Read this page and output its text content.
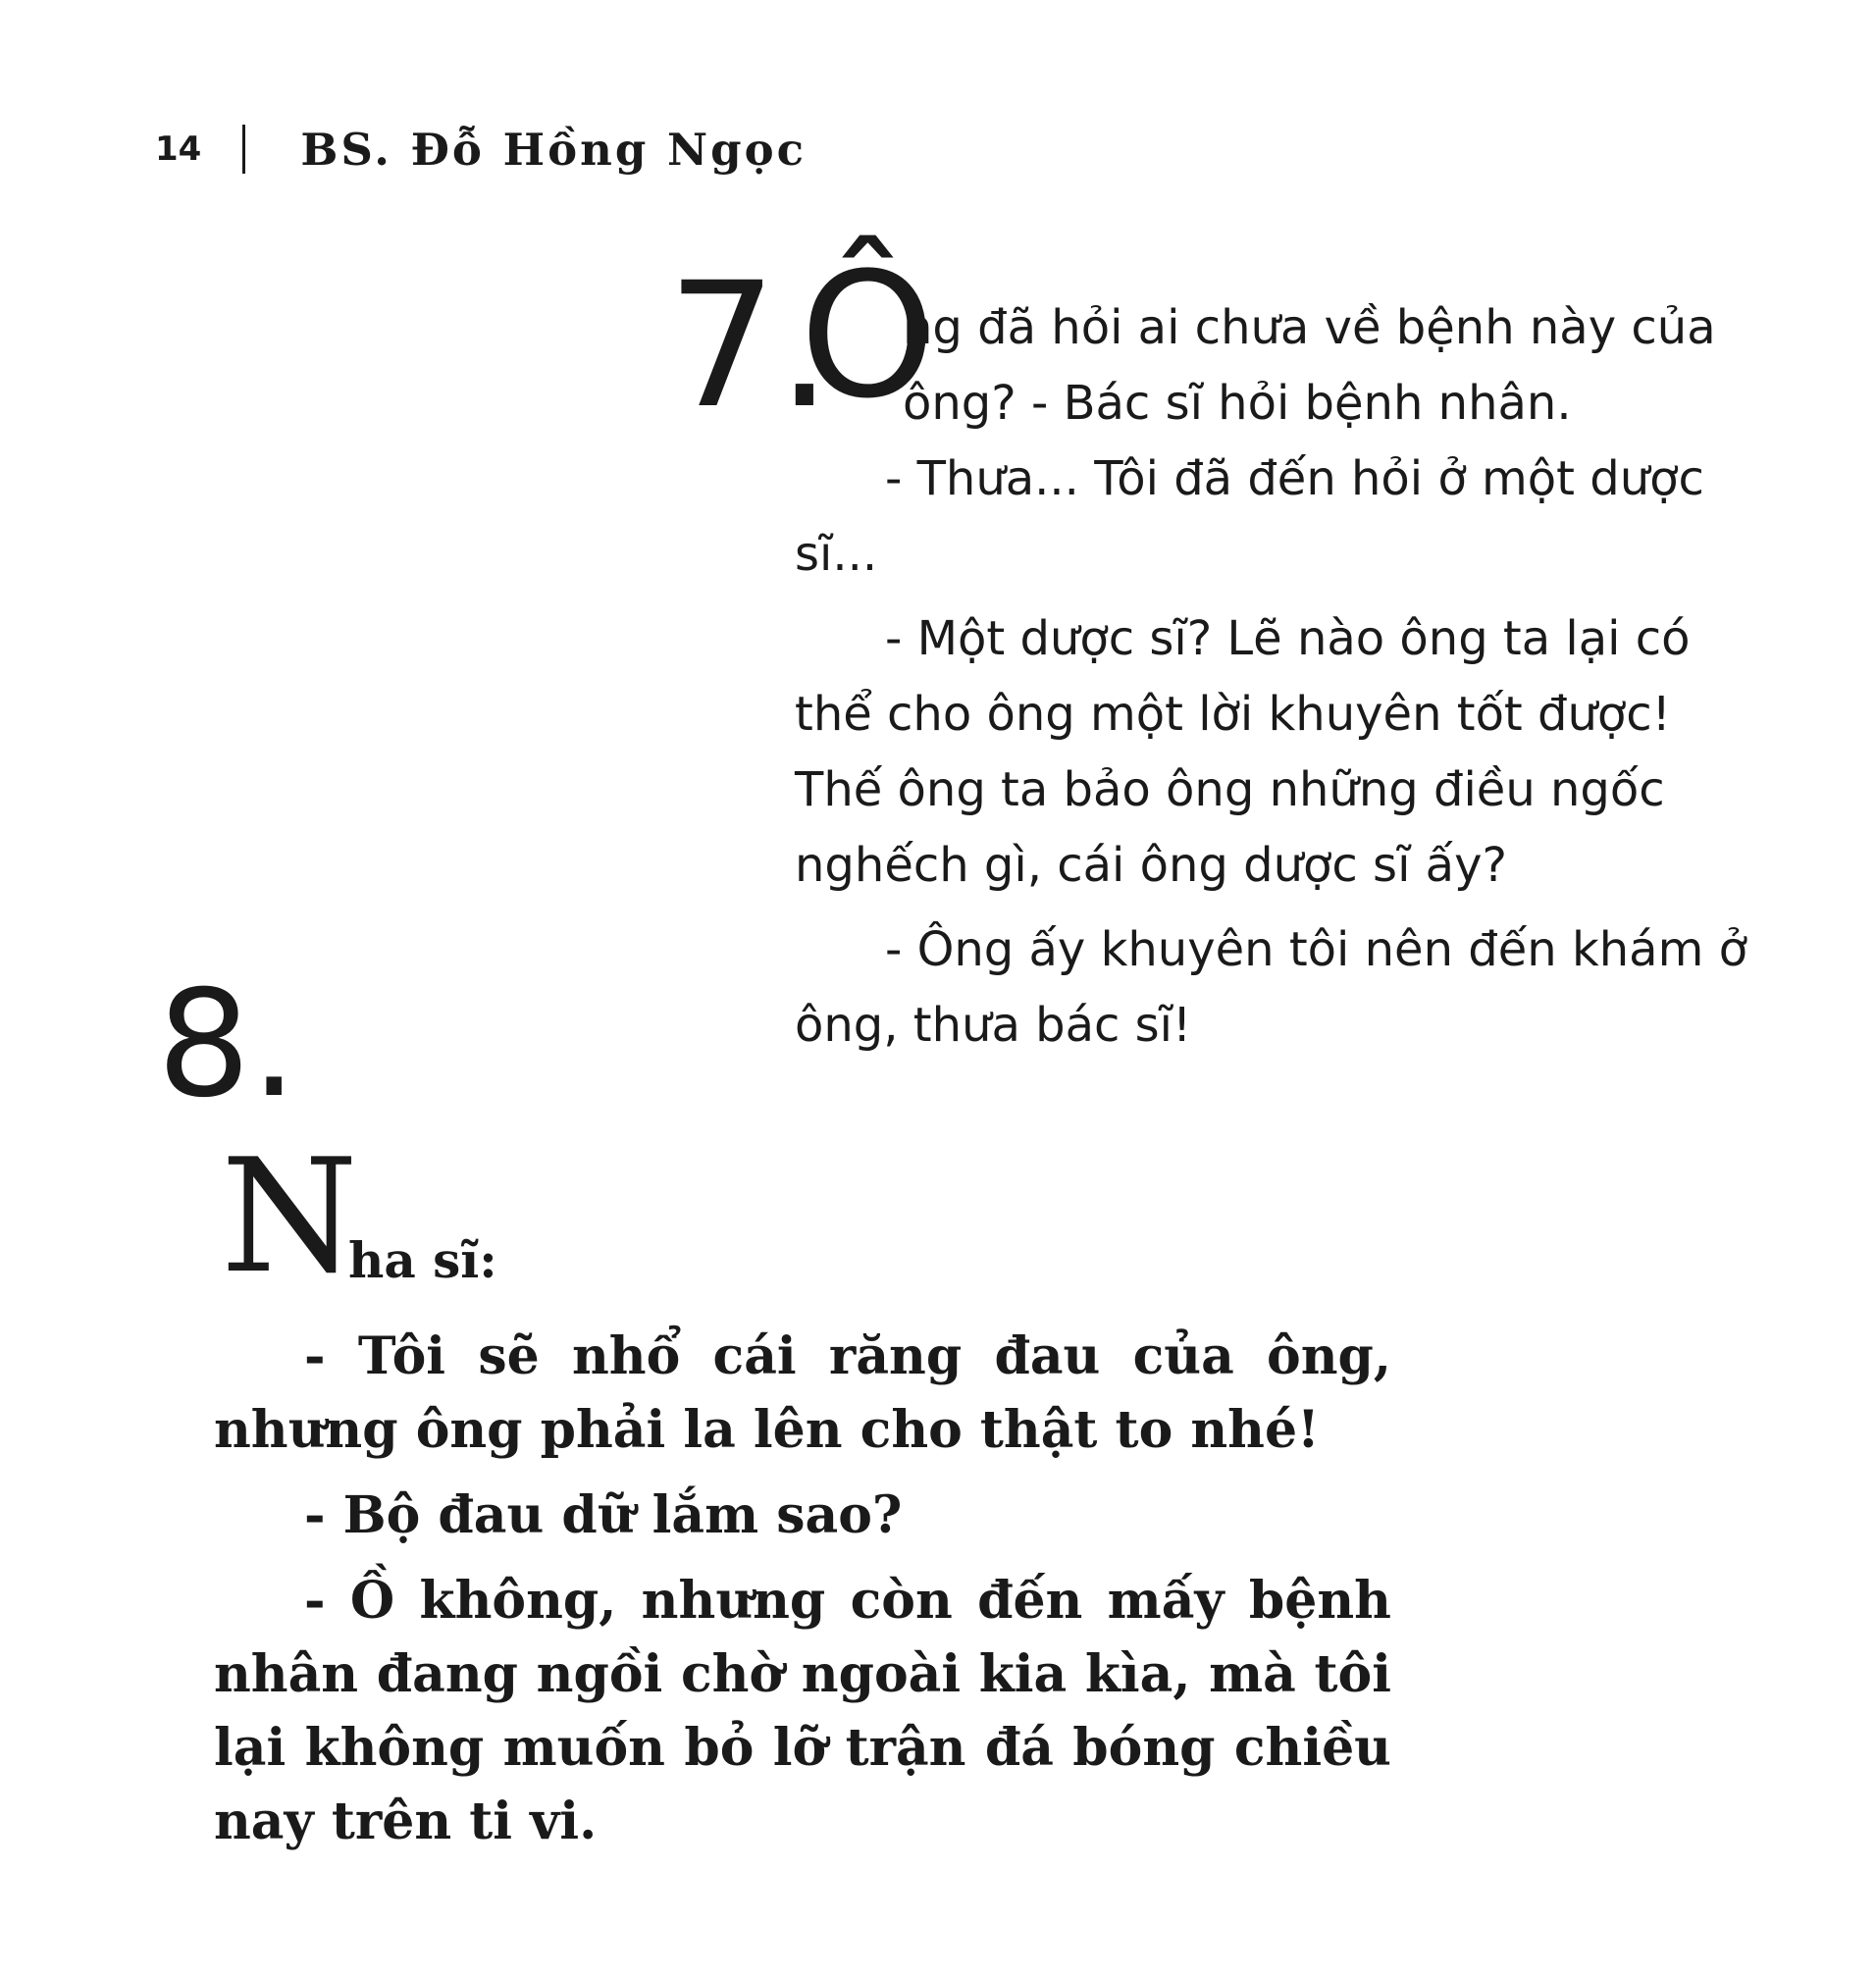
14 BS. Đỗ Hồng Ngọc
7.
Ô

ng đã hỏi ai chưa về bệnh này của

ông? - Bác sĩ hỏi bệnh nhân.

- Thưa... Tôi đã đến hỏi ở một dược sĩ...

- Một dược sĩ? Lẽ nào ông ta lại có thể cho ông một lời khuyên tốt được! Thế ông ta bảo ông những điều ngốc nghếch gì, cái ông dược sĩ ấy?

- Ông ấy khuyên tôi nên đến khám ở ông, thưa bác sĩ!

8.
N
ha sĩ:

- Tôi sẽ nhổ cái răng đau của ông, nhưng ông phải la lên cho thật to nhé!

- Bộ đau dữ lắm sao?

- Ồ không, nhưng còn đến mấy bệnh nhân đang ngồi chờ ngoài kia kìa, mà tôi lại không muốn bỏ lỡ trận đá bóng chiều nay trên ti vi.
